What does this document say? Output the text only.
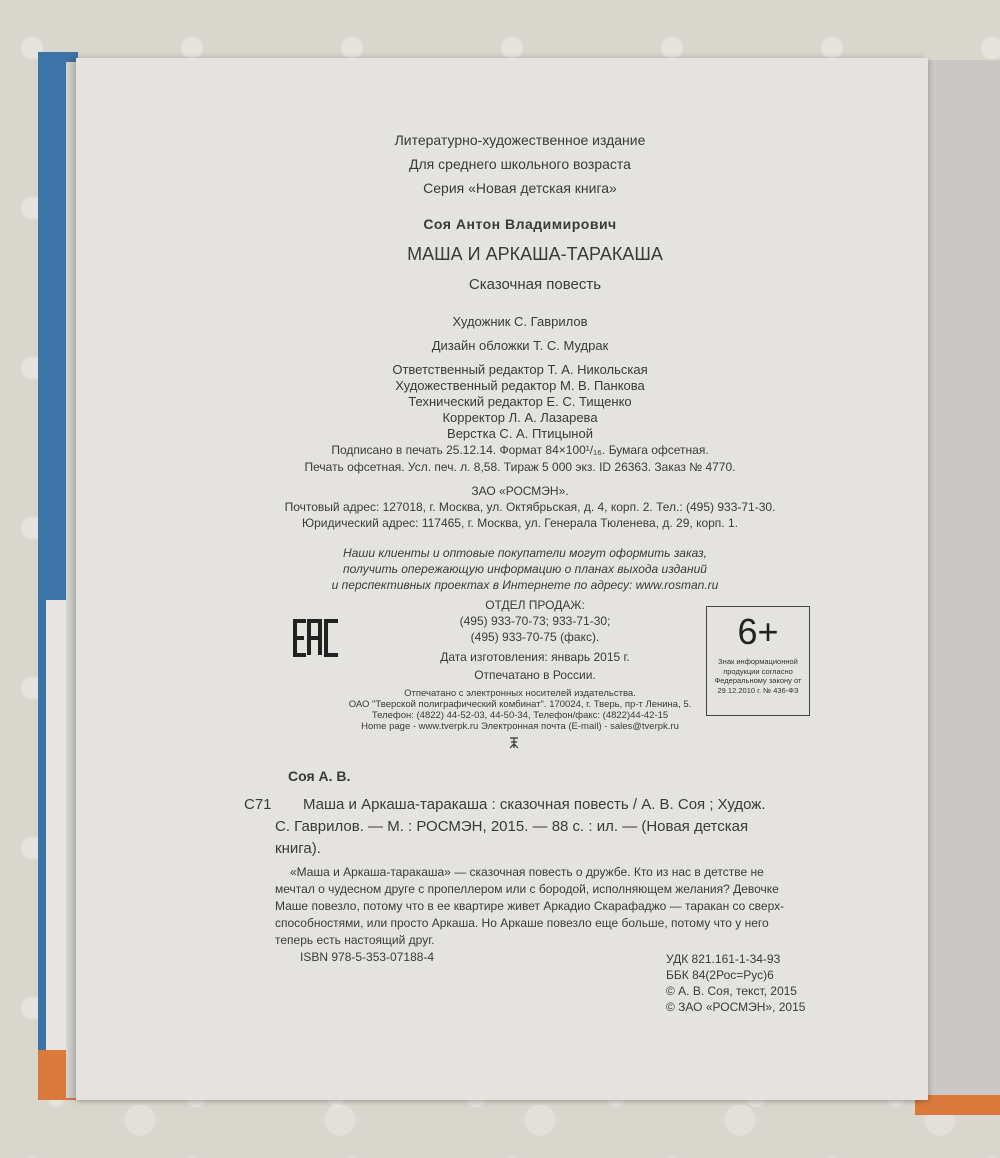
Литературно-художественное издание
Для среднего школьного возраста
Серия «Новая детская книга»
Соя Антон Владимирович
МАША И АРКАША-ТАРАКАША
Сказочная повесть
Художник С. Гаврилов
Дизайн обложки Т. С. Мудрак
Ответственный редактор Т. А. Никольская
Художественный редактор М. В. Панкова
Технический редактор Е. С. Тищенко
Корректор Л. А. Лазарева
Верстка С. А. Птицыной
Подписано в печать 25.12.14. Формат 84×100¹/₁₆. Бумага офсетная.
Печать офсетная. Усл. печ. л. 8,58. Тираж 5 000 экз. ID 26363. Заказ № 4770.
ЗАО «РОСМЭН».
Почтовый адрес: 127018, г. Москва, ул. Октябрьская, д. 4, корп. 2. Тел.: (495) 933-71-30.
Юридический адрес: 117465, г. Москва, ул. Генерала Тюленева, д. 29, корп. 1.
Наши клиенты и оптовые покупатели могут оформить заказ,
получить опережающую информацию о планах выхода изданий
и перспективных проектах в Интернете по адресу: www.rosman.ru
ОТДЕЛ ПРОДАЖ:
(495) 933-70-73; 933-71-30;
(495) 933-70-75 (факс).
Дата изготовления: январь 2015 г.
Отпечатано в России.
6+
Знак информационной продукции согласно Федеральному закону от 29.12.2010 г. № 436-ФЗ
Отпечатано с электронных носителей издательства.
ОАО "Тверской полиграфический комбинат". 170024, г. Тверь, пр-т Ленина, 5.
Телефон: (4822) 44-52-03, 44-50-34, Телефон/факс: (4822)44-42-15
Home page - www.tverpk.ru Электронная почта (E-mail) - sales@tverpk.ru
Соя А. В.
С71 Маша и Аркаша-таракаша : сказочная повесть / А. В. Соя ; Худож.
С. Гаврилов. — М. : РОСМЭН, 2015. — 88 с. : ил. — (Новая детская
книга).
«Маша и Аркаша-таракаша» — сказочная повесть о дружбе. Кто из нас в детстве не
мечтал о чудесном друге с пропеллером или с бородой, исполняющем желания? Девочке
Маше повезло, потому что в ее квартире живет Аркадио Скарафаджо — таракан со сверх-
способностями, или просто Аркаша. Но Аркаше повезло еще больше, потому что у него
теперь есть настоящий друг.
ISBN 978-5-353-07188-4	УДК 821.161-1-34-93
ББК 84(2Рос=Рус)6
© А. В. Соя, текст, 2015
© ЗАО «РОСМЭН», 2015
